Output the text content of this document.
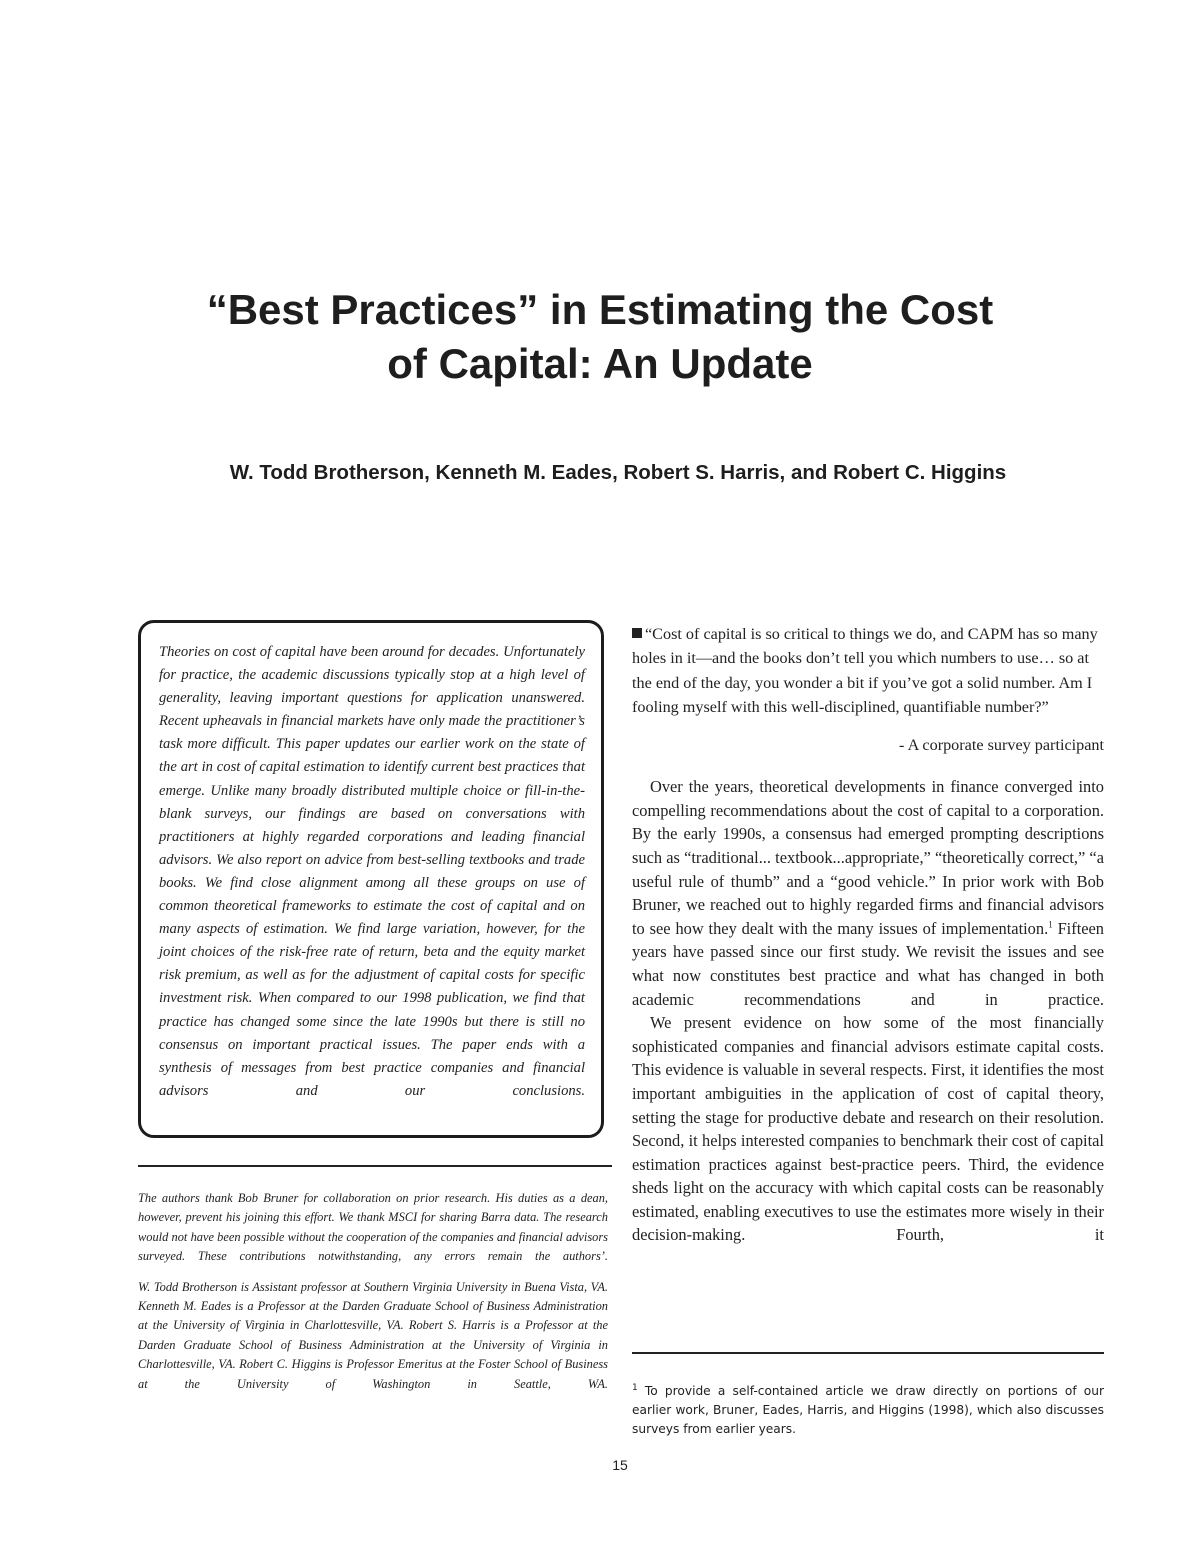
“Best Practices” in Estimating the Cost
of Capital: An Update
W. Todd Brotherson, Kenneth M. Eades, Robert S. Harris, and Robert C. Higgins

Theories on cost of capital have been around for decades. Unfortunately for practice, the academic discussions typically stop at a high level of generality, leaving important questions for application unanswered. Recent upheavals in financial markets have only made the practitioner’s task more difficult. This paper updates our earlier work on the state of the art in cost of capital estimation to identify current best practices that emerge. Unlike many broadly distributed multiple choice or fill-in-the-blank surveys, our findings are based on conversations with practitioners at highly regarded corporations and leading financial advisors. We also report on advice from best-selling textbooks and trade books. We find close alignment among all these groups on use of common theoretical frameworks to estimate the cost of capital and on many aspects of estimation. We find large variation, however, for the joint choices of the risk-free rate of return, beta and the equity market risk premium, as well as for the adjustment of capital costs for specific investment risk. When compared to our 1998 publication, we find that practice has changed some since the late 1990s but there is still no consensus on important practical issues. The paper ends with a synthesis of messages from best practice companies and financial advisors and our conclusions.

The authors thank Bob Bruner for collaboration on prior research. His duties as a dean, however, prevent his joining this effort. We thank MSCI for sharing Barra data. The research would not have been possible without the cooperation of the companies and financial advisors surveyed. These contributions notwithstanding, any errors remain the authors’.

W. Todd Brotherson is Assistant professor at Southern Virginia University in Buena Vista, VA. Kenneth M. Eades is a Professor at the Darden Graduate School of Business Administration at the University of Virginia in Charlottesville, VA. Robert S. Harris is a Professor at the Darden Graduate School of Business Administration at the University of Virginia in Charlottesville, VA. Robert C. Higgins is Professor Emeritus at the Foster School of Business at the University of Washington in Seattle, WA.

“Cost of capital is so critical to things we do, and CAPM has so many holes in it—and the books don’t tell you which numbers to use… so at the end of the day, you wonder a bit if you’ve got a solid number. Am I fooling myself with this well-disciplined, quantifiable number?”

- A corporate survey participant

Over the years, theoretical developments in finance converged into compelling recommendations about the cost of capital to a corporation. By the early 1990s, a consensus had emerged prompting descriptions such as “traditional... textbook...appropriate,” “theoretically correct,” “a useful rule of thumb” and a “good vehicle.” In prior work with Bob Bruner, we reached out to highly regarded firms and financial advisors to see how they dealt with the many issues of implementation.$^1$ Fifteen years have passed since our first study. We revisit the issues and see what now constitutes best practice and what has changed in both academic recommendations and in practice.

We present evidence on how some of the most financially sophisticated companies and financial advisors estimate capital costs. This evidence is valuable in several respects. First, it identifies the most important ambiguities in the application of cost of capital theory, setting the stage for productive debate and research on their resolution. Second, it helps interested companies to benchmark their cost of capital estimation practices against best-practice peers. Third, the evidence sheds light on the accuracy with which capital costs can be reasonably estimated, enabling executives to use the estimates more wisely in their decision-making. Fourth, it

$^1$ To provide a self-contained article we draw directly on portions of our earlier work, Bruner, Eades, Harris, and Higgins (1998), which also discusses surveys from earlier years.

15
